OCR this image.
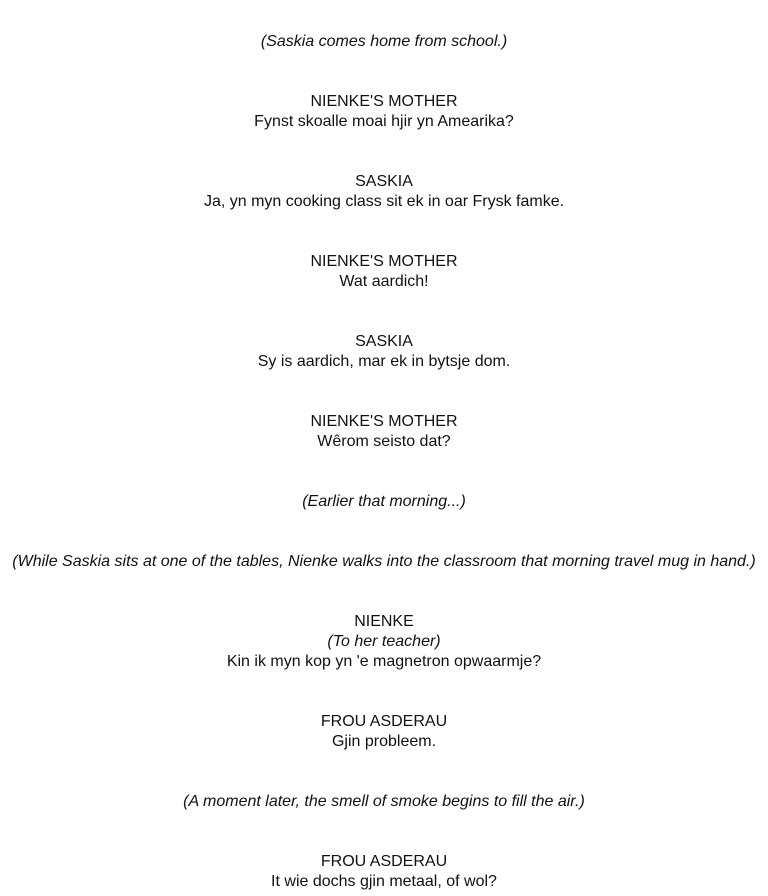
(Saskia comes home from school.)
NIENKE'S MOTHER
Fynst skoalle moai hjir yn Amearika?
SASKIA
Ja, yn myn cooking class sit ek in oar Frysk famke.
NIENKE'S MOTHER
Wat aardich!
SASKIA
Sy is aardich, mar ek in bytsje dom.
NIENKE'S MOTHER
Wêrom seisto dat?
(Earlier that morning...)
(While Saskia sits at one of the tables, Nienke walks into the classroom that morning travel mug in hand.)
NIENKE
(To her teacher)
Kin ik myn kop yn 'e magnetron opwaarmje?
FROU ASDERAU
Gjin probleem.
(A moment later, the smell of smoke begins to fill the air.)
FROU ASDERAU
It wie dochs gjin metaal, of wol?
